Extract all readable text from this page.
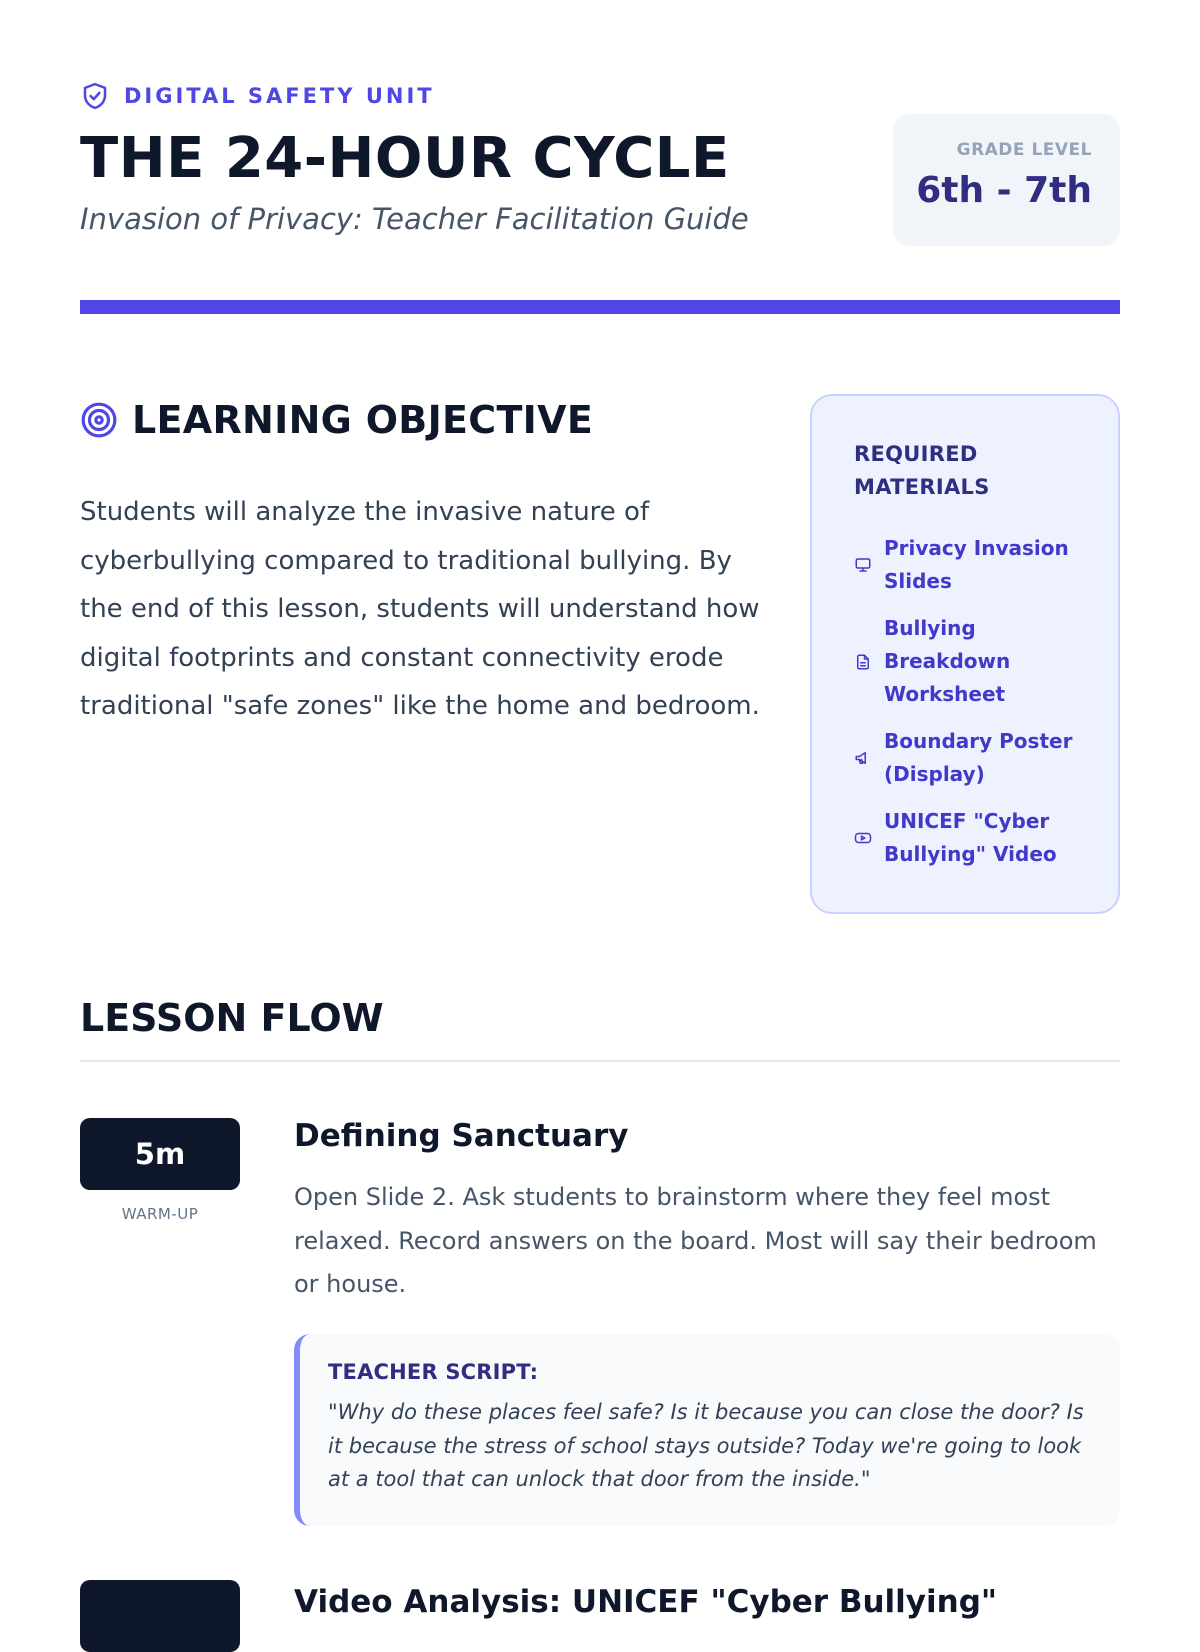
DIGITAL SAFETY UNIT
THE 24-HOUR CYCLE
Invasion of Privacy: Teacher Facilitation Guide
GRADE LEVEL
6th - 7th
LEARNING OBJECTIVE

Students will analyze the invasive nature of cyberbullying compared to traditional bullying. By the end of this lesson, students will understand how digital footprints and constant connectivity erode traditional "safe zones" like the home and bedroom.

REQUIRED MATERIALS
Privacy Invasion Slides
Bullying Breakdown Worksheet
Boundary Poster (Display)
UNICEF "Cyber Bullying" Video
LESSON FLOW
5m
WARM-UP
Defining Sanctuary

Open Slide 2. Ask students to brainstorm where they feel most relaxed. Record answers on the board. Most will say their bedroom or house.

TEACHER SCRIPT:

"Why do these places feel safe? Is it because you can close the door? Is it because the stress of school stays outside? Today we're going to look at a tool that can unlock that door from the inside."

Video Analysis: UNICEF "Cyber Bullying"
